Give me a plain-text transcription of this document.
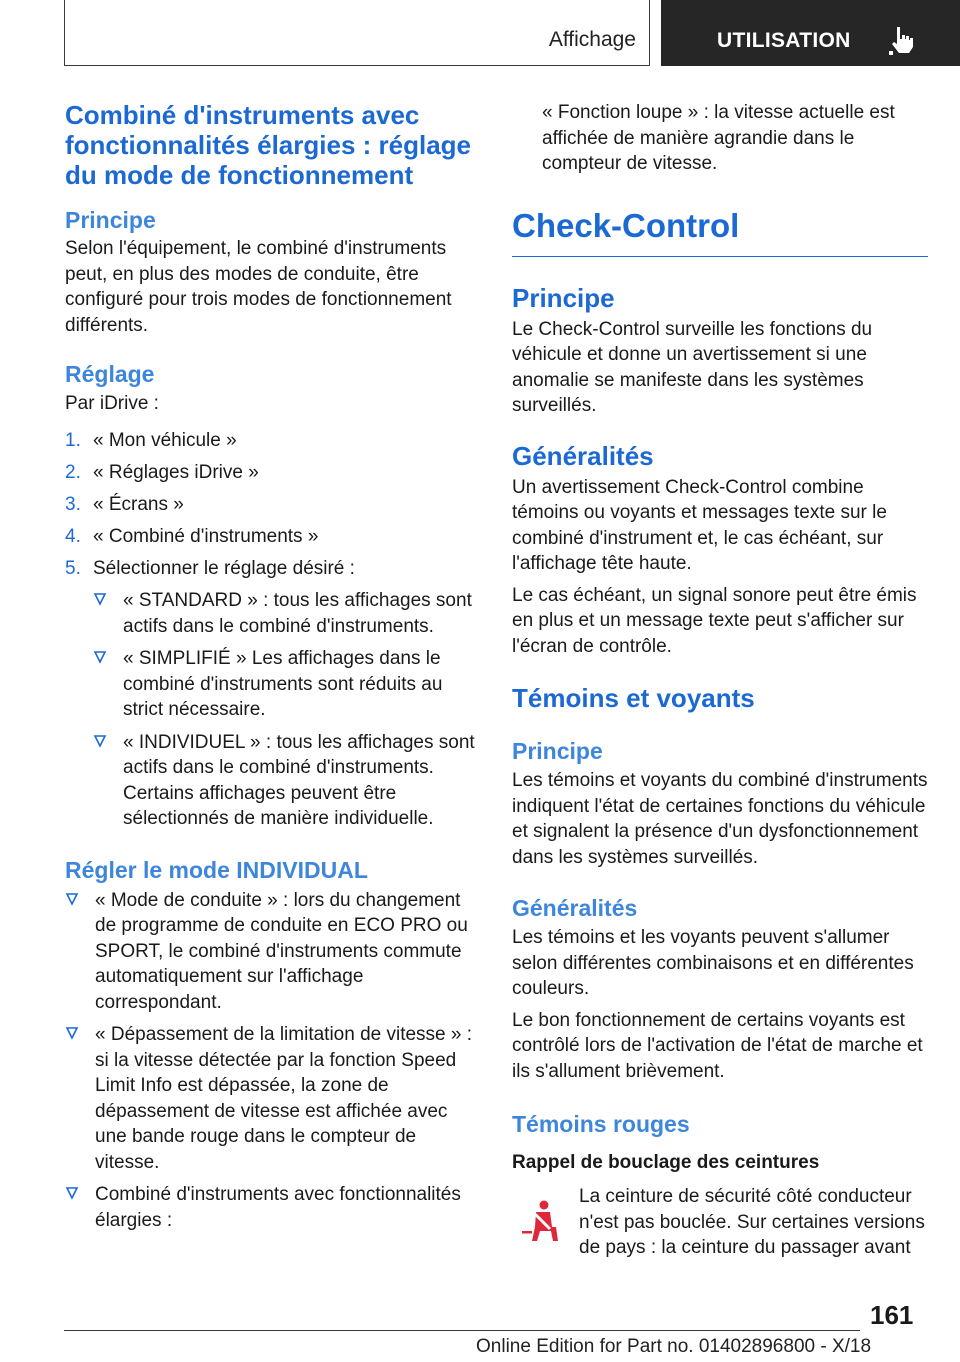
Affichage	UTILISATION
Combiné d'instruments avec fonctionnalités élargies : réglage du mode de fonctionnement
Principe
Selon l'équipement, le combiné d'instruments peut, en plus des modes de conduite, être configuré pour trois modes de fonctionnement différents.
Réglage
Par iDrive :
1. « Mon véhicule »
2. « Réglages iDrive »
3. « Écrans »
4. « Combiné d'instruments »
5. Sélectionner le réglage désiré :
« STANDARD » : tous les affichages sont actifs dans le combiné d'instruments.
« SIMPLIFIÉ » Les affichages dans le combiné d'instruments sont réduits au strict nécessaire.
« INDIVIDUEL » : tous les affichages sont actifs dans le combiné d'instruments. Certains affichages peuvent être sélectionnés de manière individuelle.
Régler le mode INDIVIDUAL
« Mode de conduite » : lors du changement de programme de conduite en ECO PRO ou SPORT, le combiné d'instruments commute automatiquement sur l'affichage correspondant.
« Dépassement de la limitation de vitesse » : si la vitesse détectée par la fonction Speed Limit Info est dépassée, la zone de dépassement de vitesse est affichée avec une bande rouge dans le compteur de vitesse.
Combiné d'instruments avec fonctionnalités élargies :
« Fonction loupe » : la vitesse actuelle est affichée de manière agrandie dans le compteur de vitesse.
Check-Control
Principe
Le Check-Control surveille les fonctions du véhicule et donne un avertissement si une anomalie se manifeste dans les systèmes surveillés.
Généralités
Un avertissement Check-Control combine témoins ou voyants et messages texte sur le combiné d'instrument et, le cas échéant, sur l'affichage tête haute.
Le cas échéant, un signal sonore peut être émis en plus et un message texte peut s'afficher sur l'écran de contrôle.
Témoins et voyants
Principe
Les témoins et voyants du combiné d'instruments indiquent l'état de certaines fonctions du véhicule et signalent la présence d'un dysfonctionnement dans les systèmes surveillés.
Généralités
Les témoins et les voyants peuvent s'allumer selon différentes combinaisons et en différentes couleurs.
Le bon fonctionnement de certains voyants est contrôlé lors de l'activation de l'état de marche et ils s'allument brièvement.
Témoins rouges
Rappel de bouclage des ceintures
La ceinture de sécurité côté conducteur n'est pas bouclée. Sur certaines versions de pays : la ceinture du passager avant
161
Online Edition for Part no. 01402896800 - X/18
